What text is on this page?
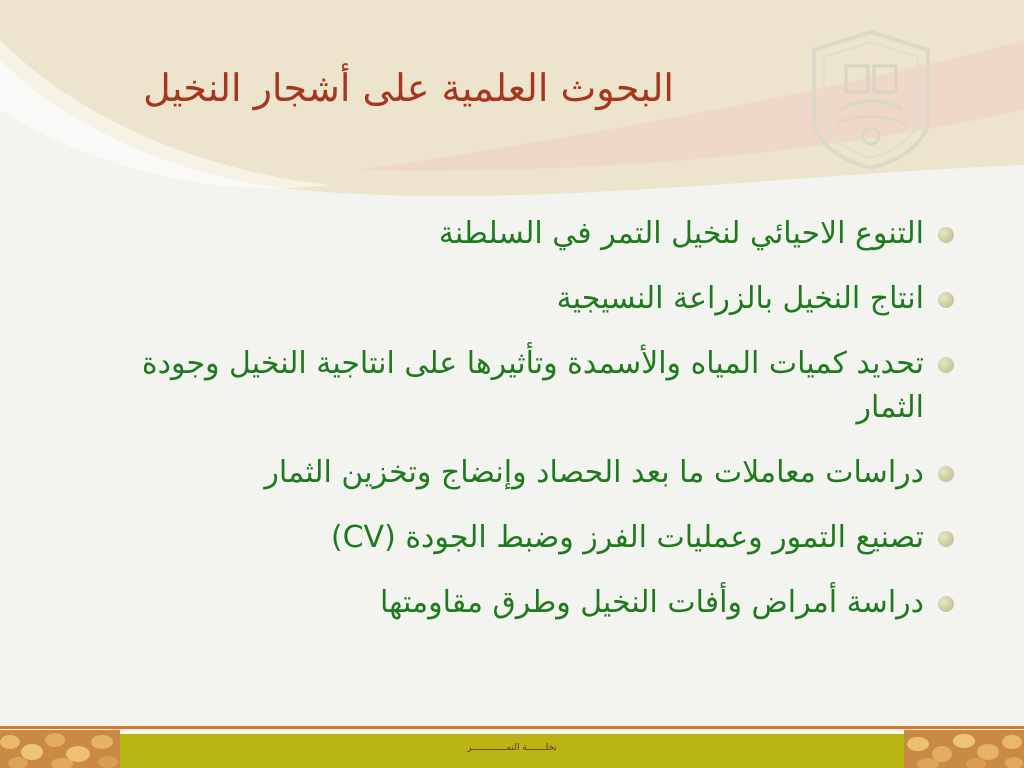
البحوث العلمية على أشجار النخيل
التنوع الاحيائي لنخيل التمر في السلطنة
انتاج النخيل بالزراعة النسيجية
تحديد كميات المياه والأسمدة وتأثيرها على انتاجية النخيل وجودة الثمار
دراسات معاملات ما بعد الحصاد وإنضاج وتخزين الثمار
تصنيع التمور وعمليات الفرز وضبط الجودة (CV)
دراسة أمراض وأفات النخيل وطرق مقاومتها
نخلـــــــة التمـــــــــــــر
